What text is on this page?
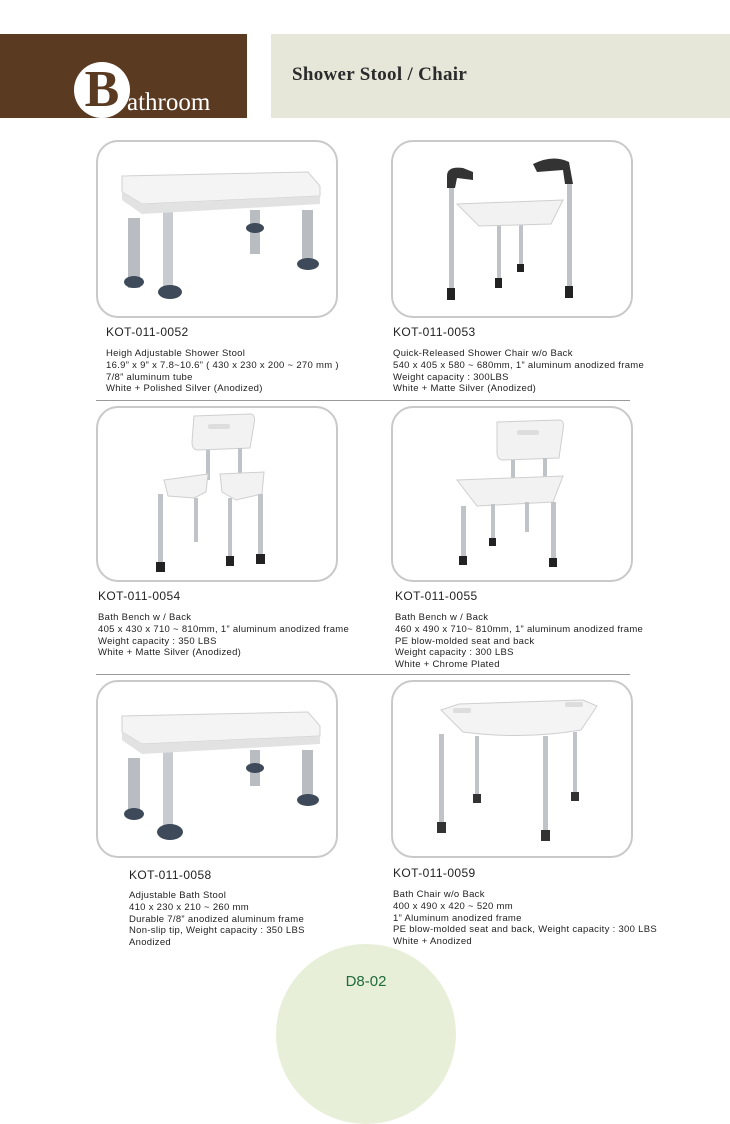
B athroom
Accessories
Shower Stool / Chair
KOT-011-0052
Heigh Adjustable Shower Stool
16.9” x 9” x 7.8~10.6” ( 430 x 230 x 200 ~ 270 mm )
7/8” aluminum tube
White + Polished Silver (Anodized)
KOT-011-0053
Quick-Released Shower Chair w/o Back
540 x 405 x 580 ~ 680mm, 1” aluminum anodized frame
Weight capacity : 300LBS
White + Matte Silver (Anodized)
KOT-011-0054
Bath Bench w / Back
405 x 430 x 710 ~ 810mm, 1” aluminum anodized frame
Weight capacity : 350 LBS
White + Matte Silver (Anodized)
KOT-011-0055
Bath Bench w / Back
460 x 490 x 710~ 810mm, 1” aluminum anodized frame
PE blow-molded seat and back
Weight capacity : 300 LBS
White + Chrome Plated
KOT-011-0058
Adjustable Bath Stool
410 x 230 x 210 ~ 260 mm
Durable 7/8” anodized aluminum frame
Non-slip tip, Weight capacity : 350 LBS
Anodized
KOT-011-0059
Bath Chair w/o Back
400 x 490 x 420 ~ 520 mm
1” Aluminum anodized frame
PE blow-molded seat and back, Weight capacity : 300 LBS
White + Anodized
D8-02
